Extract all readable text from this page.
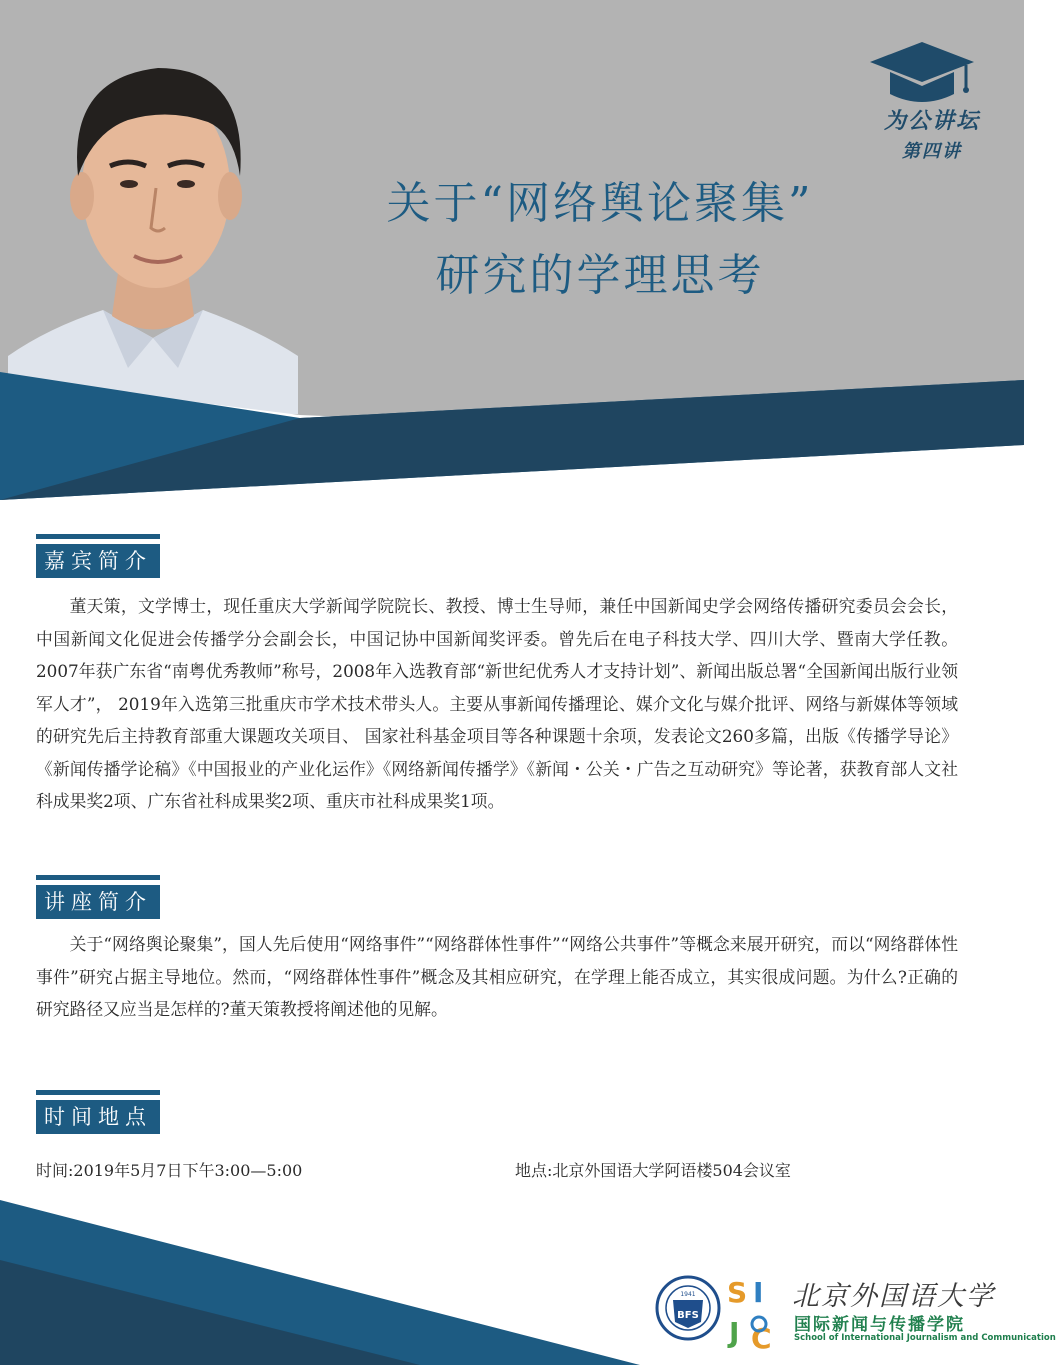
为公讲坛
第四讲
关于“网络舆论聚集”
研究的学理思考
嘉宾简介

董天策，文学博士，现任重庆大学新闻学院院长、教授、博士生导师，兼任中国新闻史学会网络传播研究委员会会长，中国新闻文化促进会传播学分会副会长，中国记协中国新闻奖评委。曾先后在电子科技大学、四川大学、暨南大学任教。2007年获广东省“南粤优秀教师”称号，2008年入选教育部“新世纪优秀人才支持计划”、新闻出版总署“全国新闻出版行业领军人才”， 2019年入选第三批重庆市学术技术带头人。主要从事新闻传播理论、媒介文化与媒介批评、网络与新媒体等领域的研究先后主持教育部重大课题攻关项目、 国家社科基金项目等各种课题十余项，发表论文260多篇，出版《传播学导论》《新闻传播学论稿》《中国报业的产业化运作》《网络新闻传播学》《新闻・公关・广告之互动研究》等论著，获教育部人文社科成果奖2项、广东省社科成果奖2项、重庆市社科成果奖1项。

讲座简介

关于“网络舆论聚集”，国人先后使用“网络事件”“网络群体性事件”“网络公共事件”等概念来展开研究，而以“网络群体性事件”研究占据主导地位。然而，“网络群体性事件”概念及其相应研究，在学理上能否成立，其实很成问题。为什么?正确的研究路径又应当是怎样的?董天策教授将阐述他的见解。

时间地点
时间:2019年5月7日下午3:00—5:00	地点:北京外国语大学阿语楼504会议室
BFS
1941 S I
J C
北京外国语大学
国际新闻与传播学院
School of International Journalism and Communication
